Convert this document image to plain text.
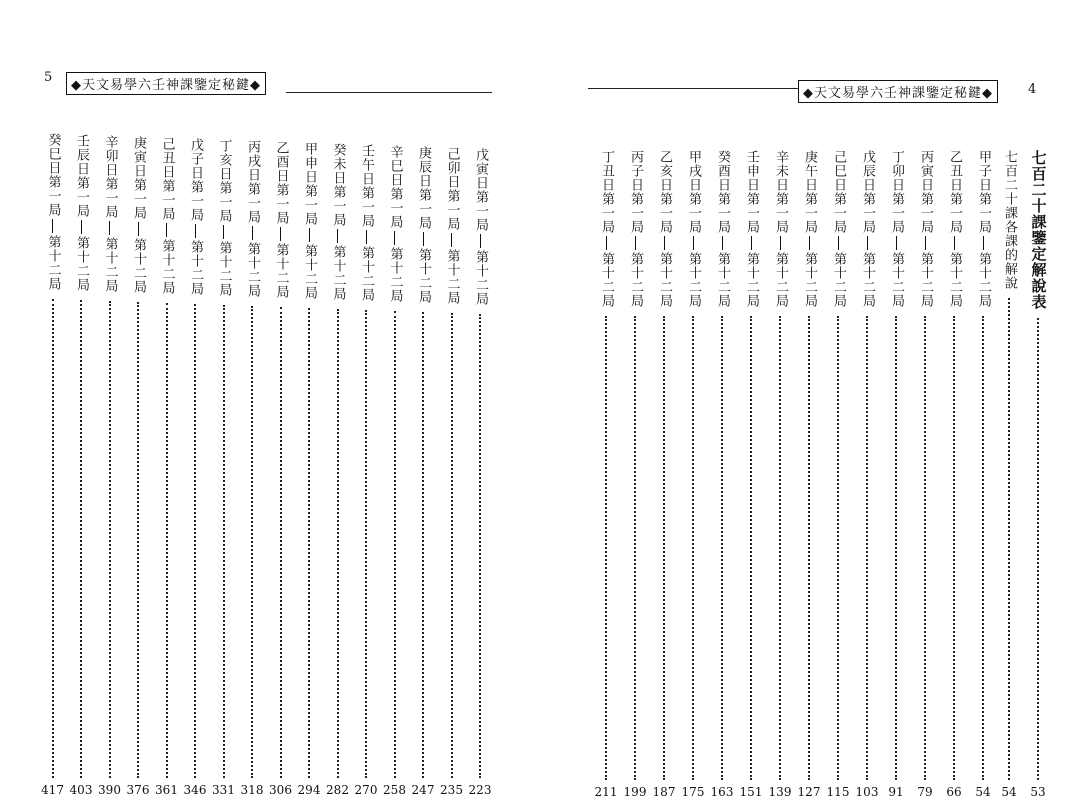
5
◆天文易學六壬神課鑒定秘鍵◆
戊寅日第一局
第十二局
223
己卯日第一局
第十二局
235
庚辰日第一局
第十二局
247
辛巳日第一局
第十二局
258
壬午日第一局
第十二局
270
癸未日第一局
第十二局
282
甲申日第一局
第十二局
294
乙酉日第一局
第十二局
306
丙戌日第一局
第十二局
318
丁亥日第一局
第十二局
331
戊子日第一局
第十二局
346
己丑日第一局
第十二局
361
庚寅日第一局
第十二局
376
辛卯日第一局
第十二局
390
壬辰日第一局
第十二局
403
癸巳日第一局
第十二局
417
◆天文易學六壬神課鑒定秘鍵◆	4
七百二十課鑒定解說表
53
七百二十課各課的解說
54
甲子日第一局
第十二局
54
乙丑日第一局
第十二局
66
丙寅日第一局
第十二局
79
丁卯日第一局
第十二局
91
戊辰日第一局
第十二局
103
己巳日第一局
第十二局
115
庚午日第一局
第十二局
127
辛未日第一局
第十二局
139
壬申日第一局
第十二局
151
癸酉日第一局
第十二局
163
甲戌日第一局
第十二局
175
乙亥日第一局
第十二局
187
丙子日第一局
第十二局
199
丁丑日第一局
第十二局
211
